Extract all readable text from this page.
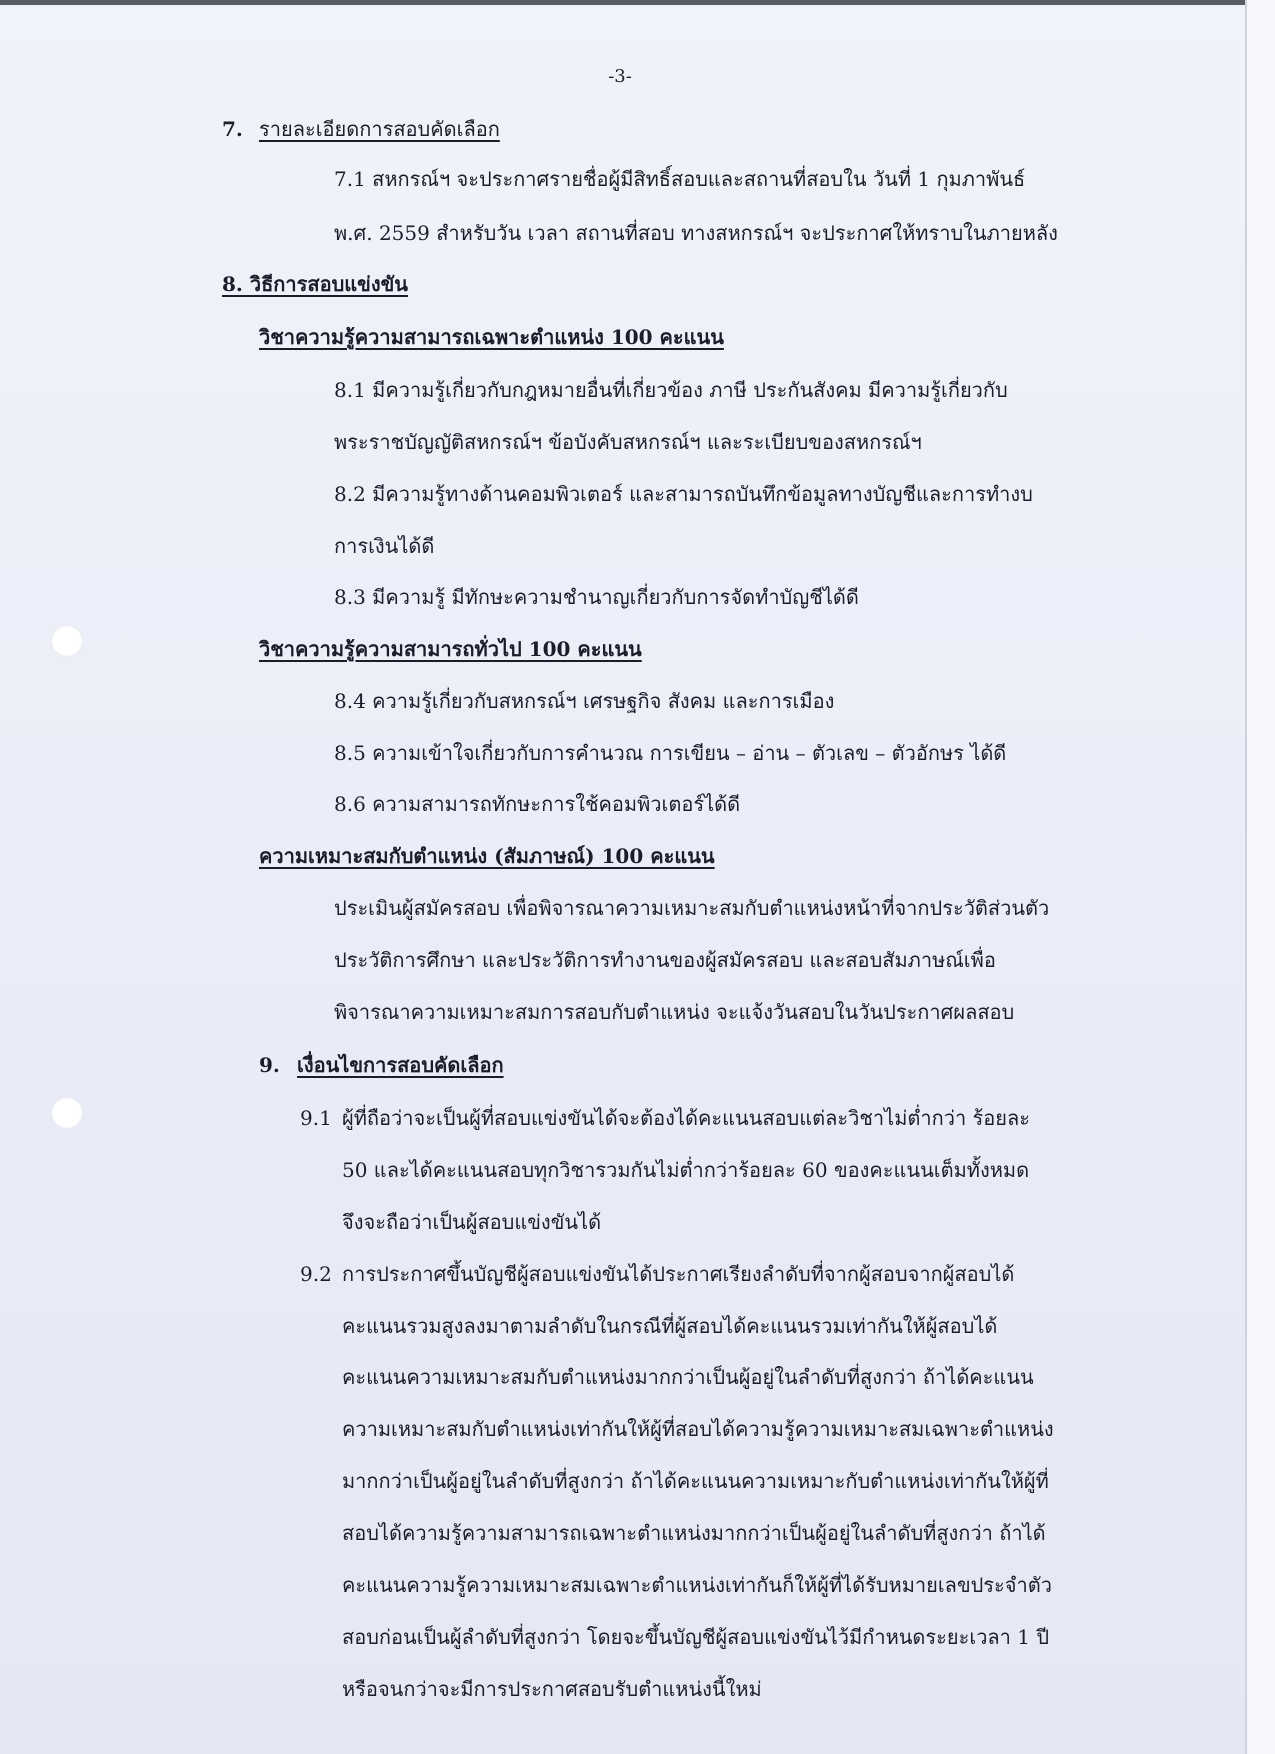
-3-
7. รายละเอียดการสอบคัดเลือก
7.1 สหกรณ์ฯ จะประกาศรายชื่อผู้มีสิทธิ์สอบและสถานที่สอบใน วันที่ 1 กุมภาพันธ์
พ.ศ. 2559 สำหรับวัน เวลา สถานที่สอบ ทางสหกรณ์ฯ จะประกาศให้ทราบในภายหลัง
8. วิธีการสอบแข่งขัน
วิชาความรู้ความสามารถเฉพาะตำแหน่ง 100 คะแนน
8.1 มีความรู้เกี่ยวกับกฎหมายอื่นที่เกี่ยวข้อง ภาษี ประกันสังคม มีความรู้เกี่ยวกับ
พระราชบัญญัติสหกรณ์ฯ ข้อบังคับสหกรณ์ฯ และระเบียบของสหกรณ์ฯ
8.2 มีความรู้ทางด้านคอมพิวเตอร์ และสามารถบันทึกข้อมูลทางบัญชีและการทำงบ
การเงินได้ดี
8.3 มีความรู้ มีทักษะความชำนาญเกี่ยวกับการจัดทำบัญชีได้ดี
วิชาความรู้ความสามารถทั่วไป 100 คะแนน
8.4 ความรู้เกี่ยวกับสหกรณ์ฯ เศรษฐกิจ สังคม และการเมือง
8.5 ความเข้าใจเกี่ยวกับการคำนวณ การเขียน – อ่าน – ตัวเลข – ตัวอักษร ได้ดี
8.6 ความสามารถทักษะการใช้คอมพิวเตอร์ได้ดี
ความเหมาะสมกับตำแหน่ง (สัมภาษณ์) 100 คะแนน
ประเมินผู้สมัครสอบ เพื่อพิจารณาความเหมาะสมกับตำแหน่งหน้าที่จากประวัติส่วนตัว
ประวัติการศึกษา และประวัติการทำงานของผู้สมัครสอบ และสอบสัมภาษณ์เพื่อ
พิจารณาความเหมาะสมการสอบกับตำแหน่ง จะแจ้งวันสอบในวันประกาศผลสอบ
9. เงื่อนไขการสอบคัดเลือก
9.1 ผู้ที่ถือว่าจะเป็นผู้ที่สอบแข่งขันได้จะต้องได้คะแนนสอบแต่ละวิชาไม่ต่ำกว่า ร้อยละ
50 และได้คะแนนสอบทุกวิชารวมกันไม่ต่ำกว่าร้อยละ 60 ของคะแนนเต็มทั้งหมด
จึงจะถือว่าเป็นผู้สอบแข่งขันได้
9.2 การประกาศขึ้นบัญชีผู้สอบแข่งขันได้ประกาศเรียงลำดับที่จากผู้สอบจากผู้สอบได้
คะแนนรวมสูงลงมาตามลำดับในกรณีที่ผู้สอบได้คะแนนรวมเท่ากันให้ผู้สอบได้
คะแนนความเหมาะสมกับตำแหน่งมากกว่าเป็นผู้อยู่ในลำดับที่สูงกว่า ถ้าได้คะแนน
ความเหมาะสมกับตำแหน่งเท่ากันให้ผู้ที่สอบได้ความรู้ความเหมาะสมเฉพาะตำแหน่ง
มากกว่าเป็นผู้อยู่ในลำดับที่สูงกว่า ถ้าได้คะแนนความเหมาะกับตำแหน่งเท่ากันให้ผู้ที่
สอบได้ความรู้ความสามารถเฉพาะตำแหน่งมากกว่าเป็นผู้อยู่ในลำดับที่สูงกว่า ถ้าได้
คะแนนความรู้ความเหมาะสมเฉพาะตำแหน่งเท่ากันก็ให้ผู้ที่ได้รับหมายเลขประจำตัว
สอบก่อนเป็นผู้ลำดับที่สูงกว่า โดยจะขึ้นบัญชีผู้สอบแข่งขันไว้มีกำหนดระยะเวลา 1 ปี
หรือจนกว่าจะมีการประกาศสอบรับตำแหน่งนี้ใหม่
